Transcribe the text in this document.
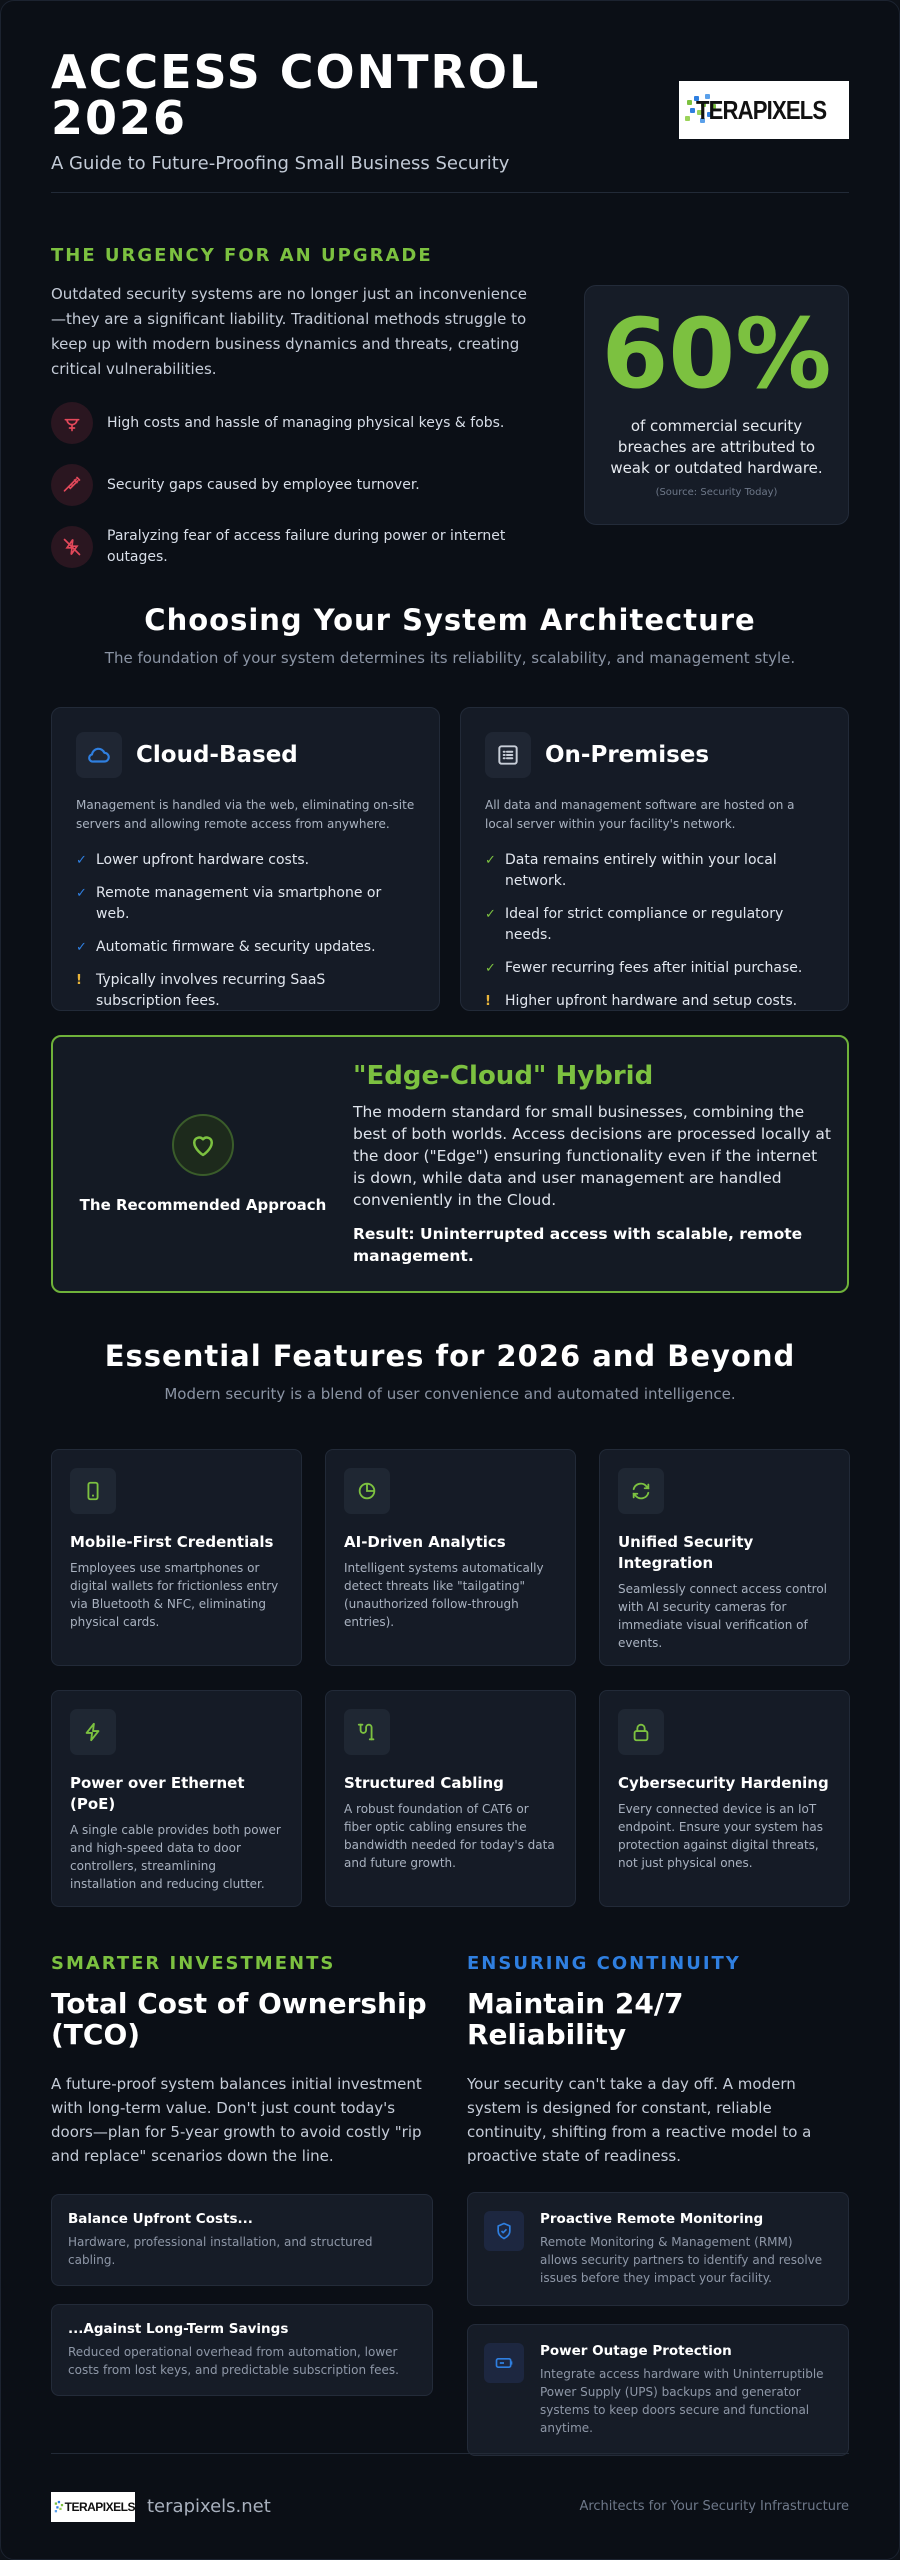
ACCESS CONTROL 2026
A Guide to Future-Proofing Small Business Security
TERAPIXELS
THE URGENCY FOR AN UPGRADE

Outdated security systems are no longer just an inconvenience—they are a significant liability. Traditional methods struggle to keep up with modern business dynamics and threats, creating critical vulnerabilities.

High costs and hassle of managing physical keys & fobs.
Security gaps caused by employee turnover.
Paralyzing fear of access failure during power or internet outages.
60%
of commercial security breaches are attributed to weak or outdated hardware.
(Source: Security Today)
Choosing Your System Architecture
The foundation of your system determines its reliability, scalability, and management style.
Cloud-Based

Management is handled via the web, eliminating on-site servers and allowing remote access from anywhere.

✓ Lower upfront hardware costs.
✓ Remote management via smartphone or web.
✓ Automatic firmware & security updates.
!	Typically involves recurring SaaS subscription fees.
On-Premises

All data and management software are hosted on a local server within your facility's network.

✓ Data remains entirely within your local network.
✓ Ideal for strict compliance or regulatory needs.
✓ Fewer recurring fees after initial purchase.
!	Higher upfront hardware and setup costs.
The Recommended Approach
"Edge-Cloud" Hybrid

The modern standard for small businesses, combining the best of both worlds. Access decisions are processed locally at the door ("Edge") ensuring functionality even if the internet is down, while data and user management are handled conveniently in the Cloud.

Result: Uninterrupted access with scalable, remote management.

Essential Features for 2026 and Beyond
Modern security is a blend of user convenience and automated intelligence.
Mobile-First Credentials

Employees use smartphones or digital wallets for frictionless entry via Bluetooth & NFC, eliminating physical cards.

AI-Driven Analytics

Intelligent systems automatically detect threats like "tailgating" (unauthorized follow-through entries).

Unified Security Integration

Seamlessly connect access control with AI security cameras for immediate visual verification of events.

Power over Ethernet (PoE)

A single cable provides both power and high-speed data to door controllers, streamlining installation and reducing clutter.

Structured Cabling

A robust foundation of CAT6 or fiber optic cabling ensures the bandwidth needed for today's data and future growth.

Cybersecurity Hardening

Every connected device is an IoT endpoint. Ensure your system has protection against digital threats, not just physical ones.

SMARTER INVESTMENTS
Total Cost of Ownership (TCO)

A future-proof system balances initial investment with long-term value. Don't just count today's doors—plan for 5-year growth to avoid costly "rip and replace" scenarios down the line.

Balance Upfront Costs...

Hardware, professional installation, and structured cabling.

...Against Long-Term Savings

Reduced operational overhead from automation, lower costs from lost keys, and predictable subscription fees.

ENSURING CONTINUITY
Maintain 24/7 Reliability

Your security can't take a day off. A modern system is designed for constant, reliable continuity, shifting from a reactive model to a proactive state of readiness.

Proactive Remote Monitoring

Remote Monitoring & Management (RMM) allows security partners to identify and resolve issues before they impact your facility.

Power Outage Protection

Integrate access hardware with Uninterruptible Power Supply (UPS) backups and generator systems to keep doors secure and functional anytime.

TERAPIXELS terapixels.net	Architects for Your Security Infrastructure
